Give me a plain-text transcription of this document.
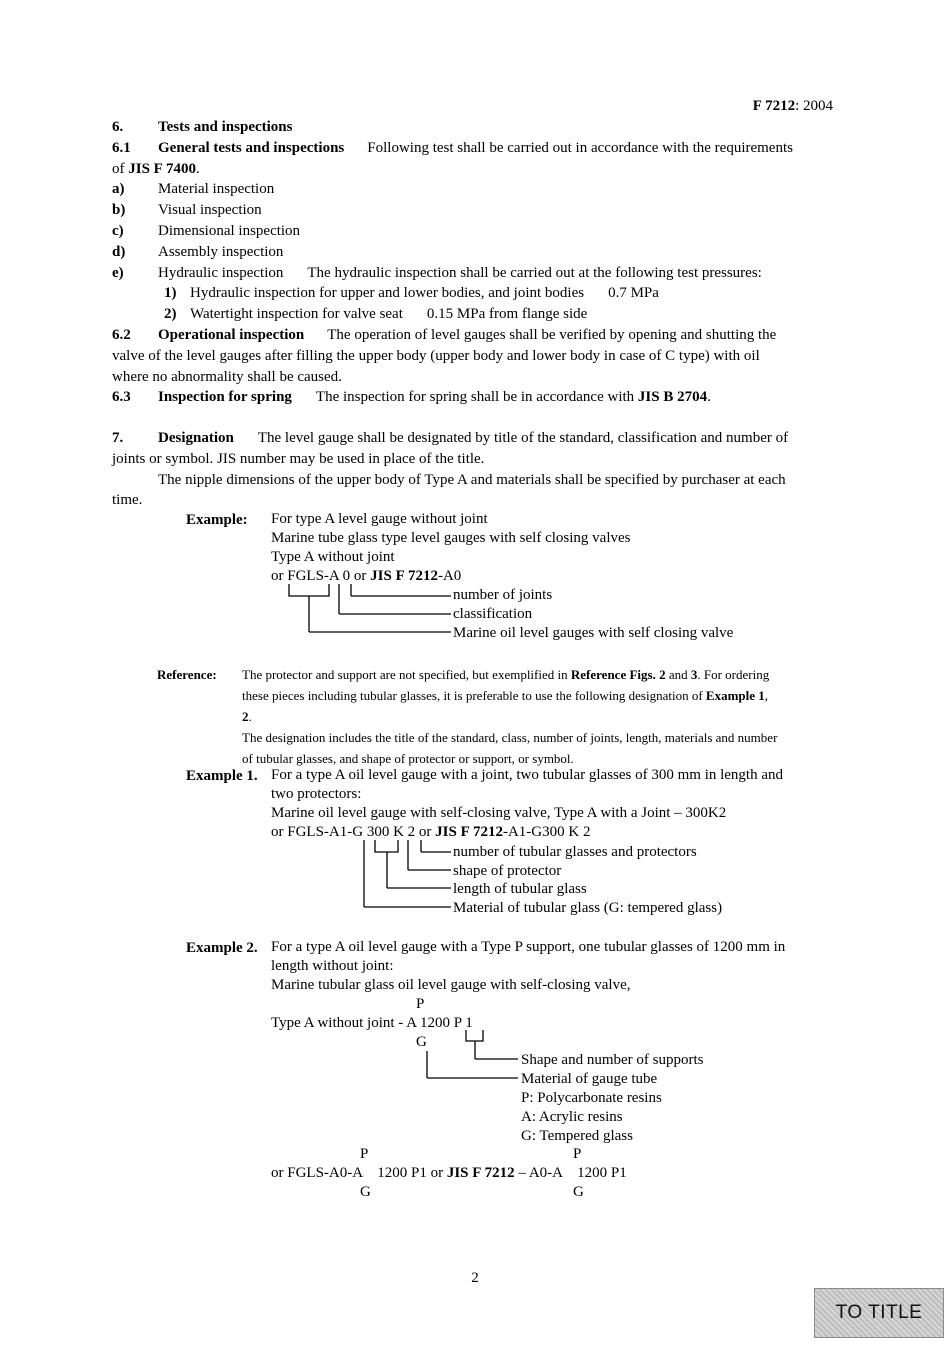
F 7212: 2004
6. Tests and inspections
6.1 General tests and inspections Following test shall be carried out in accordance with the requirements
of JIS F 7400.
a) Material inspection
b) Visual inspection
c) Dimensional inspection
d) Assembly inspection
e) Hydraulic inspection The hydraulic inspection shall be carried out at the following test pressures:
1) Hydraulic inspection for upper and lower bodies, and joint bodies 0.7 MPa
2) Watertight inspection for valve seat 0.15 MPa from flange side
6.2 Operational inspection The operation of level gauges shall be verified by opening and shutting the
valve of the level gauges after filling the upper body (upper body and lower body in case of C type) with oil
where no abnormality shall be caused.
6.3 Inspection for spring The inspection for spring shall be in accordance with JIS B 2704.
7. Designation The level gauge shall be designated by title of the standard, classification and number of
joints or symbol. JIS number may be used in place of the title.
The nipple dimensions of the upper body of Type A and materials shall be specified by purchaser at each
time.
Example: For type A level gauge without joint
Marine tube glass type level gauges with self closing valves
Type A without joint
or FGLS-A 0 or JIS F 7212-A0
number of joints
classification
Marine oil level gauges with self closing valve
Reference: The protector and support are not specified, but exemplified in Reference Figs. 2 and 3. For ordering
these pieces including tubular glasses, it is preferable to use the following designation of Example 1,
2.
The designation includes the title of the standard, class, number of joints, length, materials and number
of tubular glasses, and shape of protector or support, or symbol.
Example 1. For a type A oil level gauge with a joint, two tubular glasses of 300 mm in length and
two protectors:
Marine oil level gauge with self-closing valve, Type A with a Joint – 300K2
or FGLS-A1-G 300 K 2 or JIS F 7212-A1-G300 K 2
number of tubular glasses and protectors
shape of protector
length of tubular glass
Material of tubular glass (G: tempered glass)
Example 2. For a type A oil level gauge with a Type P support, one tubular glasses of 1200 mm in
length without joint:
Marine tubular glass oil level gauge with self-closing valve,
P
Type A without joint - A 1200 P 1
G
Shape and number of supports
Material of gauge tube
P: Polycarbonate resins
A: Acrylic resins
G: Tempered glass
P	P
or FGLS-A0-A    1200 P1 or JIS F 7212 – A0-A    1200 P1
G	G
2
TO TITLE
